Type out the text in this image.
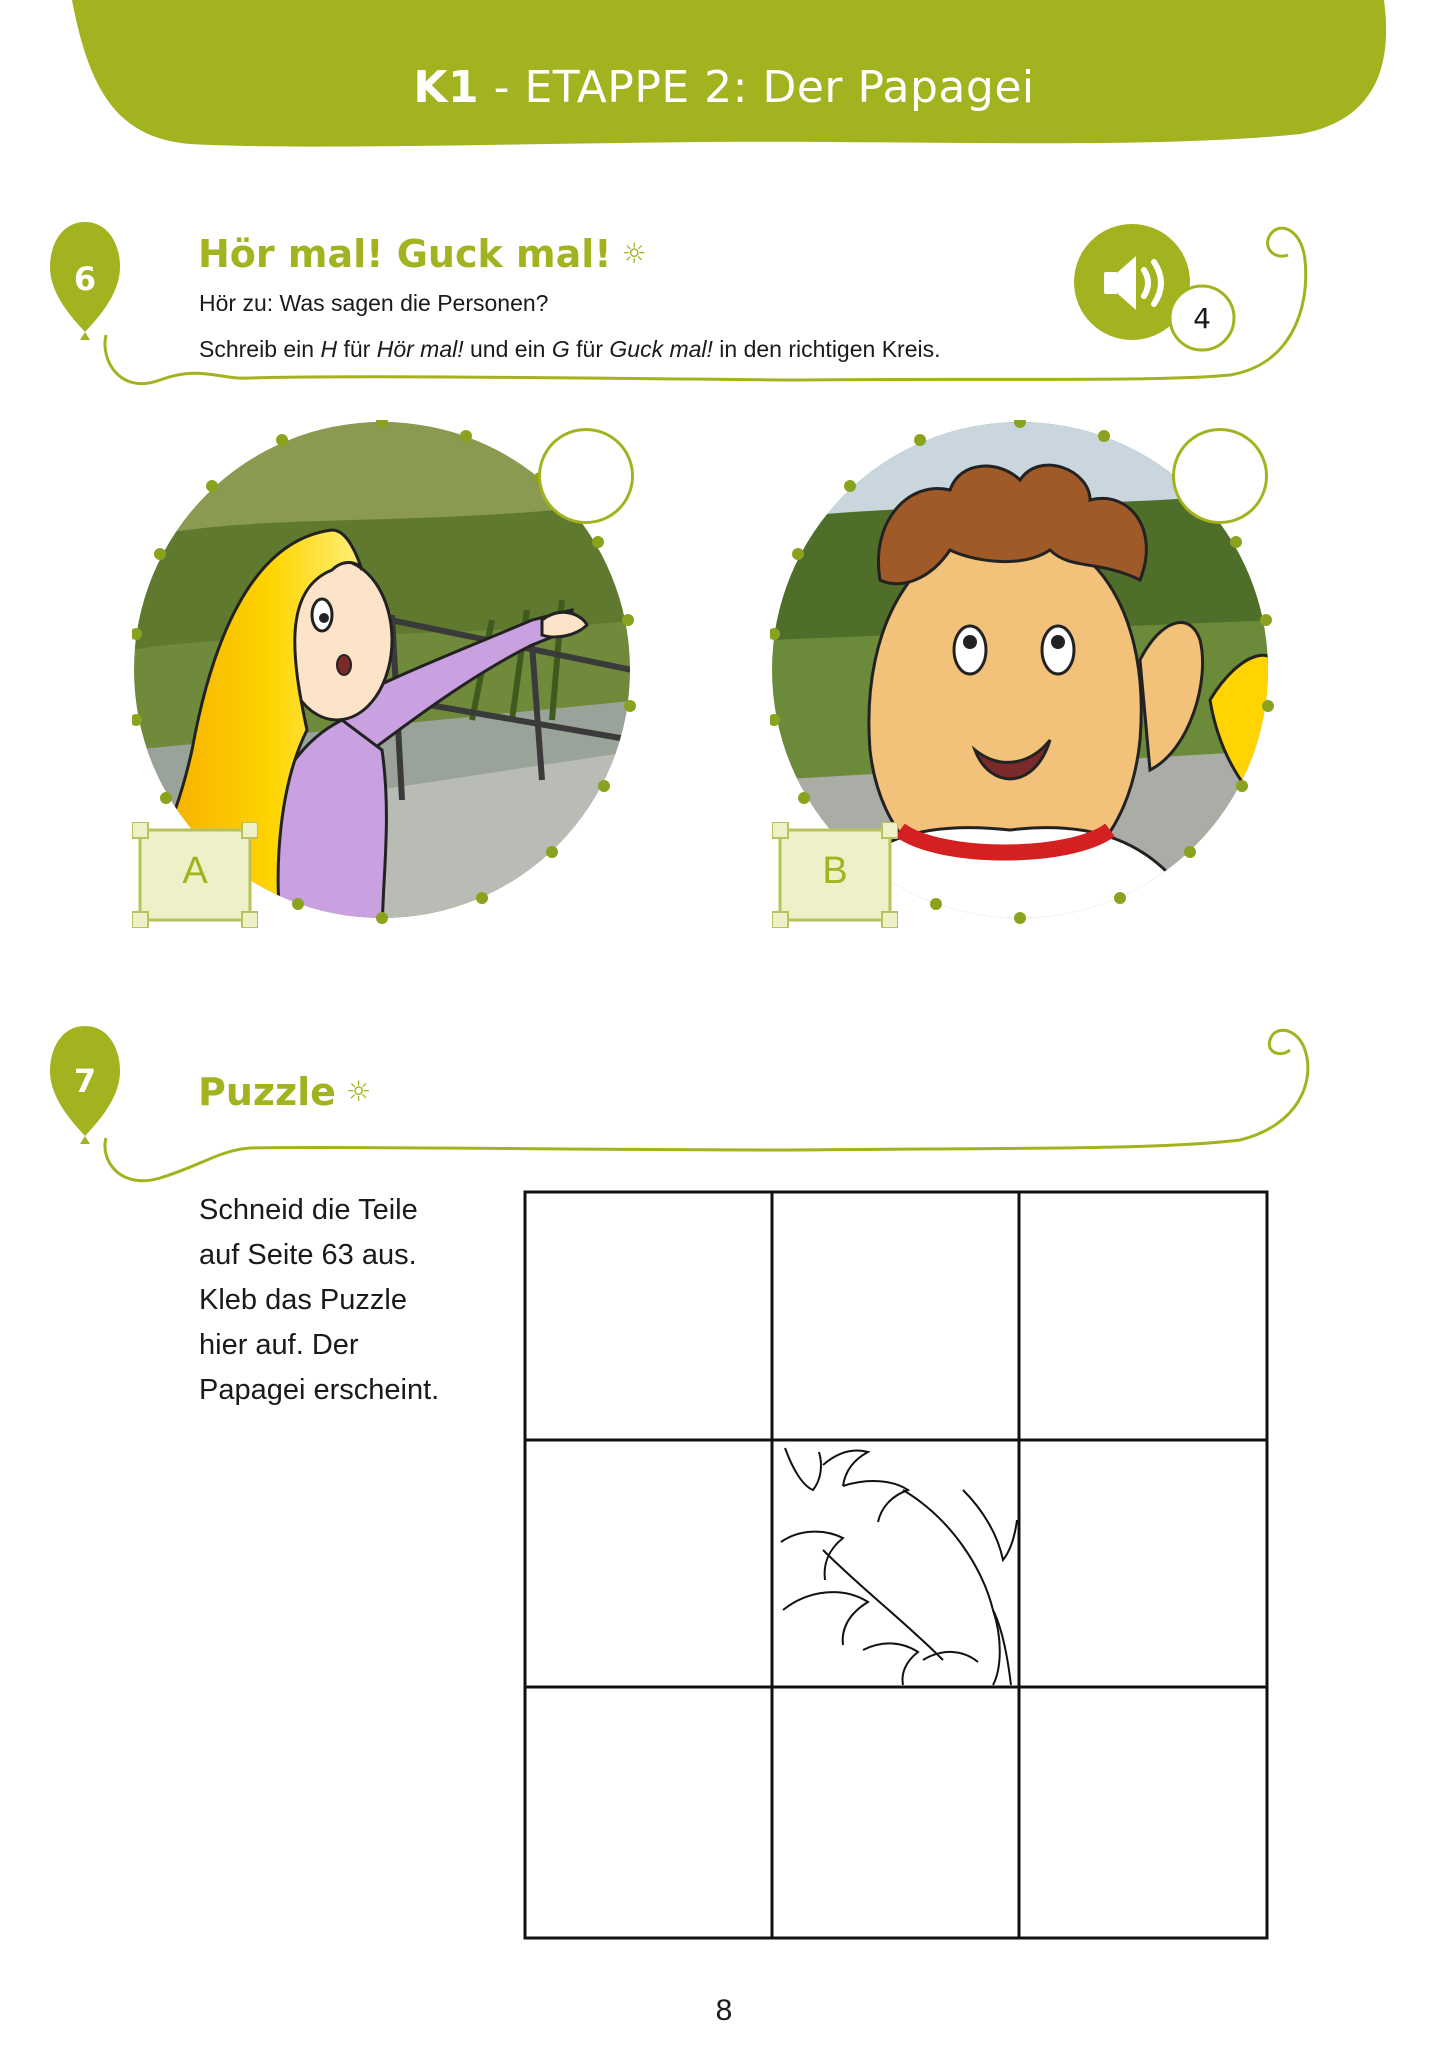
K1 - ETAPPE 2: Der Papagei
6
Hör mal! Guck mal! ☼
Hör zu: Was sagen die Personen?
Schreib ein H für Hör mal! und ein G für Guck mal! in den richtigen Kreis.
4
A	B
7	Puzzle ☼
Schneid die Teile
auf Seite 63 aus.
Kleb das Puzzle
hier auf. Der
Papagei erscheint.
8
